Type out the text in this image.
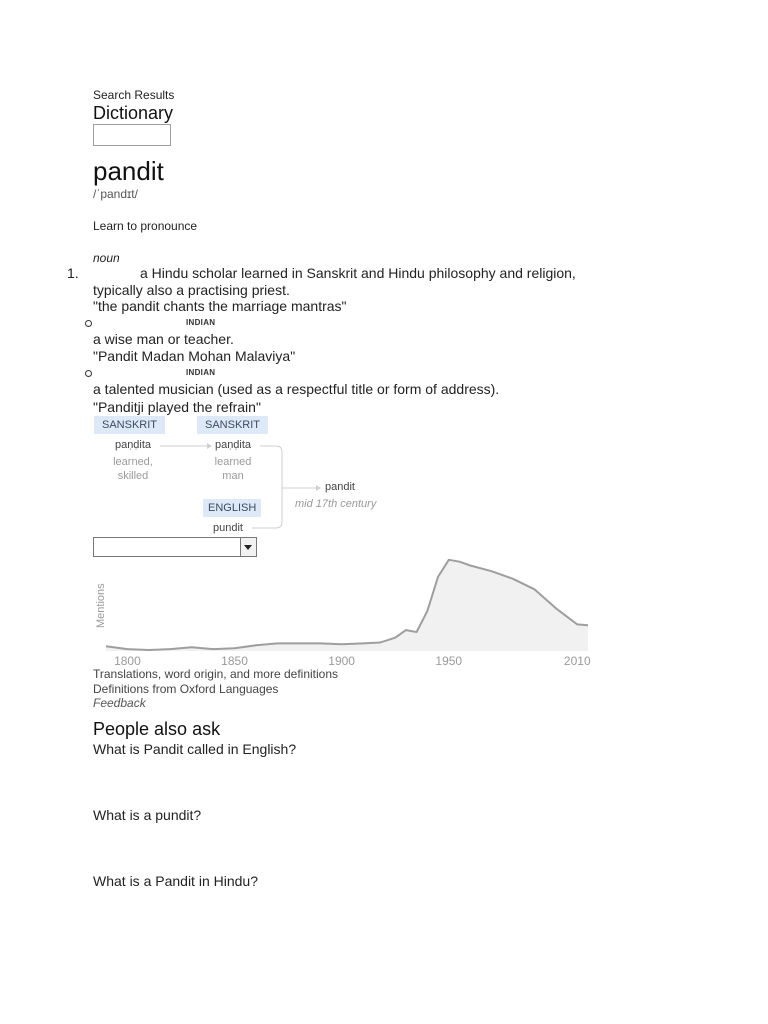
Search Results
Dictionary
pandit
/ˈpandɪt/
Learn to pronounce
noun
1.	a Hindu scholar learned in Sanskrit and Hindu philosophy and religion,
typically also a practising priest.
"the pandit chants the marriage mantras"
INDIAN
a wise man or teacher.
"Pandit Madan Mohan Malaviya"
INDIAN
a talented musician (used as a respectful title or form of address).
"Panditji played the refrain"
SANSKRIT	SANSKRIT
paṇḍita
learned,
skilled
paṇḍita
learned
man
ENGLISH
pundit
pandit
mid 17th century
Mentions
1800	1850	1900	1950	2010
Translations, word origin, and more definitions
Definitions from Oxford Languages
Feedback
People also ask
What is Pandit called in English?
What is a pundit?
What is a Pandit in Hindu?
